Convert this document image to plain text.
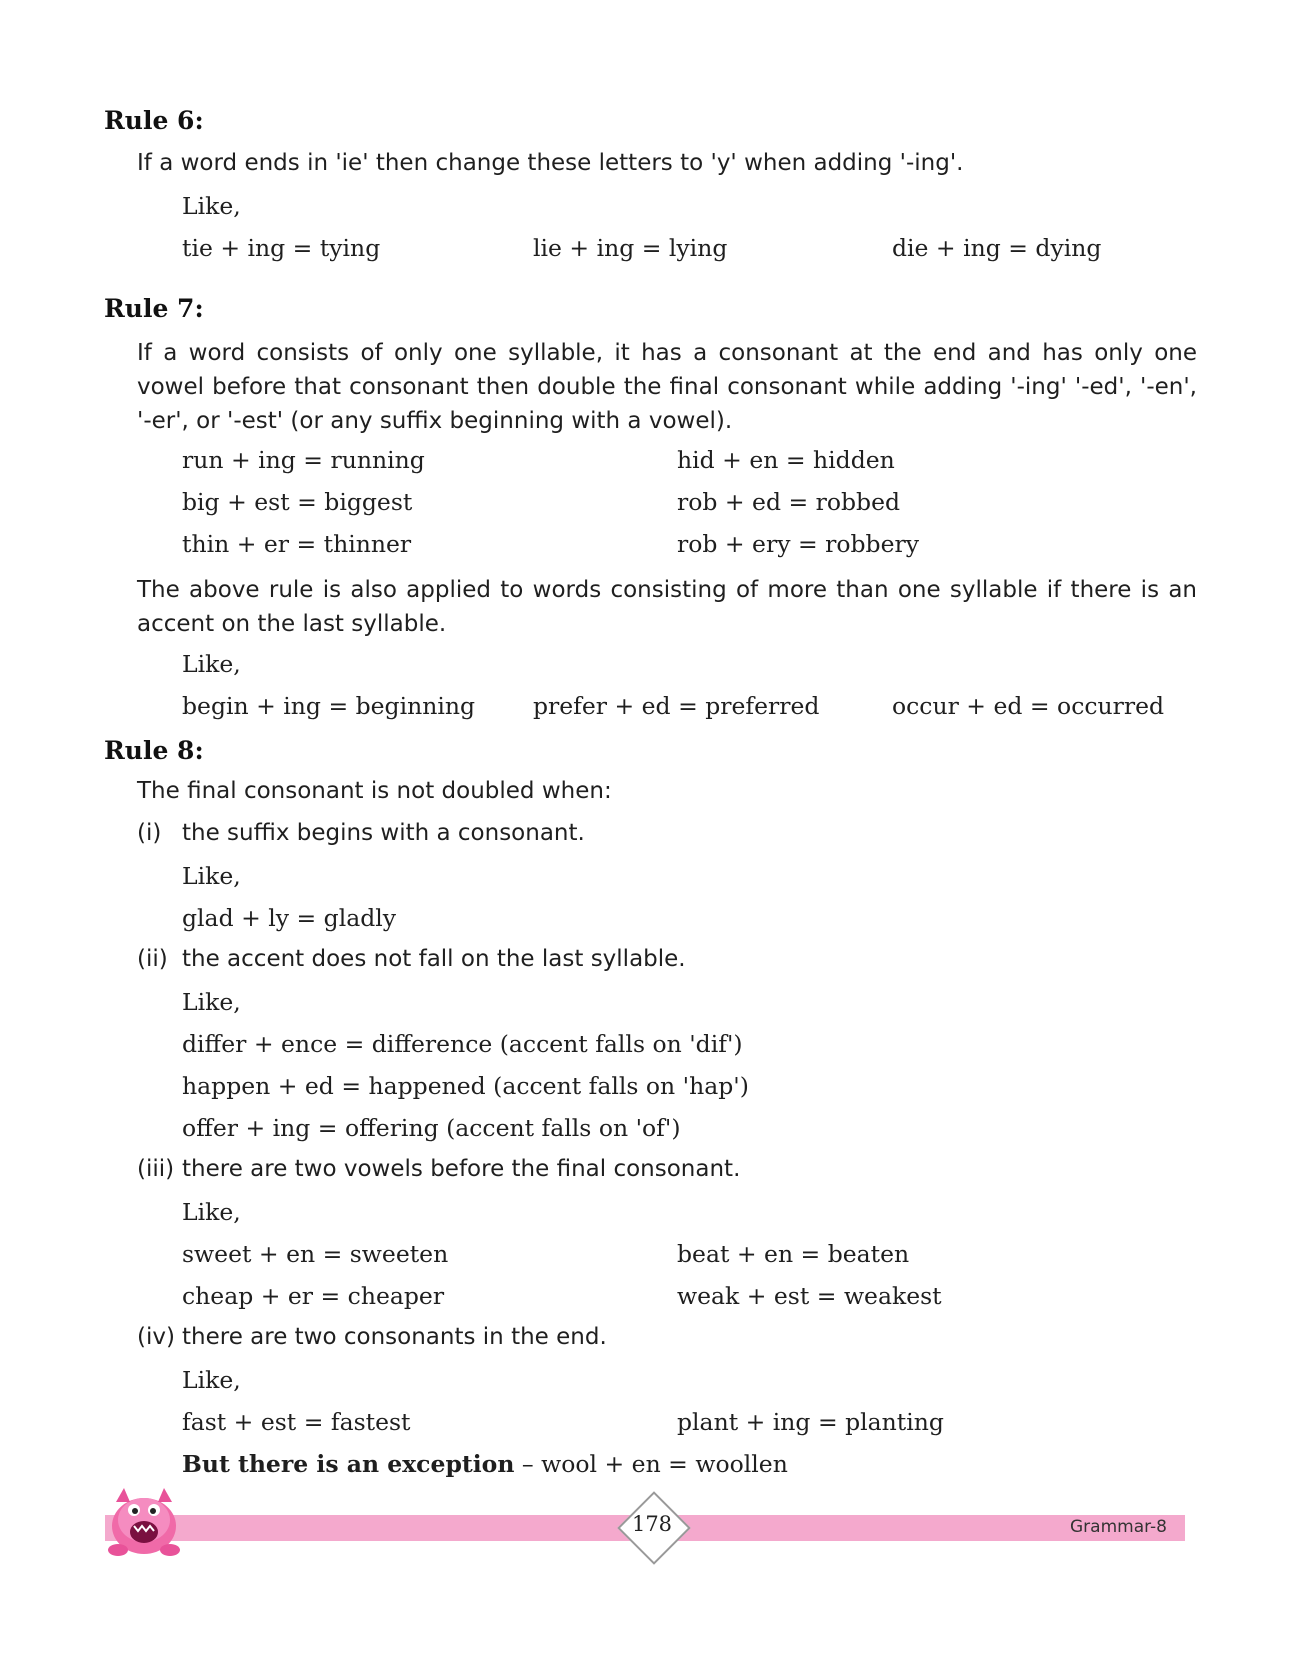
Rule 6:
If a word ends in 'ie' then change these letters to 'y' when adding '-ing'.
Like,
tie + ing = tying	lie + ing = lying	die + ing = dying
Rule 7:
If a word consists of only one syllable, it has a consonant at the end and has only one vowel before that consonant then double the final consonant while adding '-ing' '-ed', '-en', '-er', or '-est' (or any suffix beginning with a vowel).
run + ing = running	hid + en = hidden
big + est = biggest	rob + ed = robbed
thin + er = thinner	rob + ery = robbery
The above rule is also applied to words consisting of more than one syllable if there is an accent on the last syllable.
Like,
begin + ing = beginning prefer + ed = preferred	occur + ed = occurred
Rule 8:
The final consonant is not doubled when:
(i) the suffix begins with a consonant.
Like,
glad + ly = gladly
(ii) the accent does not fall on the last syllable.
Like,
differ + ence = difference (accent falls on 'dif')
happen + ed = happened (accent falls on 'hap')
offer + ing = offering (accent falls on 'of')
(iii) there are two vowels before the final consonant.
Like,
sweet + en = sweeten	beat + en = beaten
cheap + er = cheaper	weak + est = weakest
(iv) there are two consonants in the end.
Like,
fast + est = fastest	plant + ing = planting
But there is an exception – wool + en = woollen
178	Grammar-8
